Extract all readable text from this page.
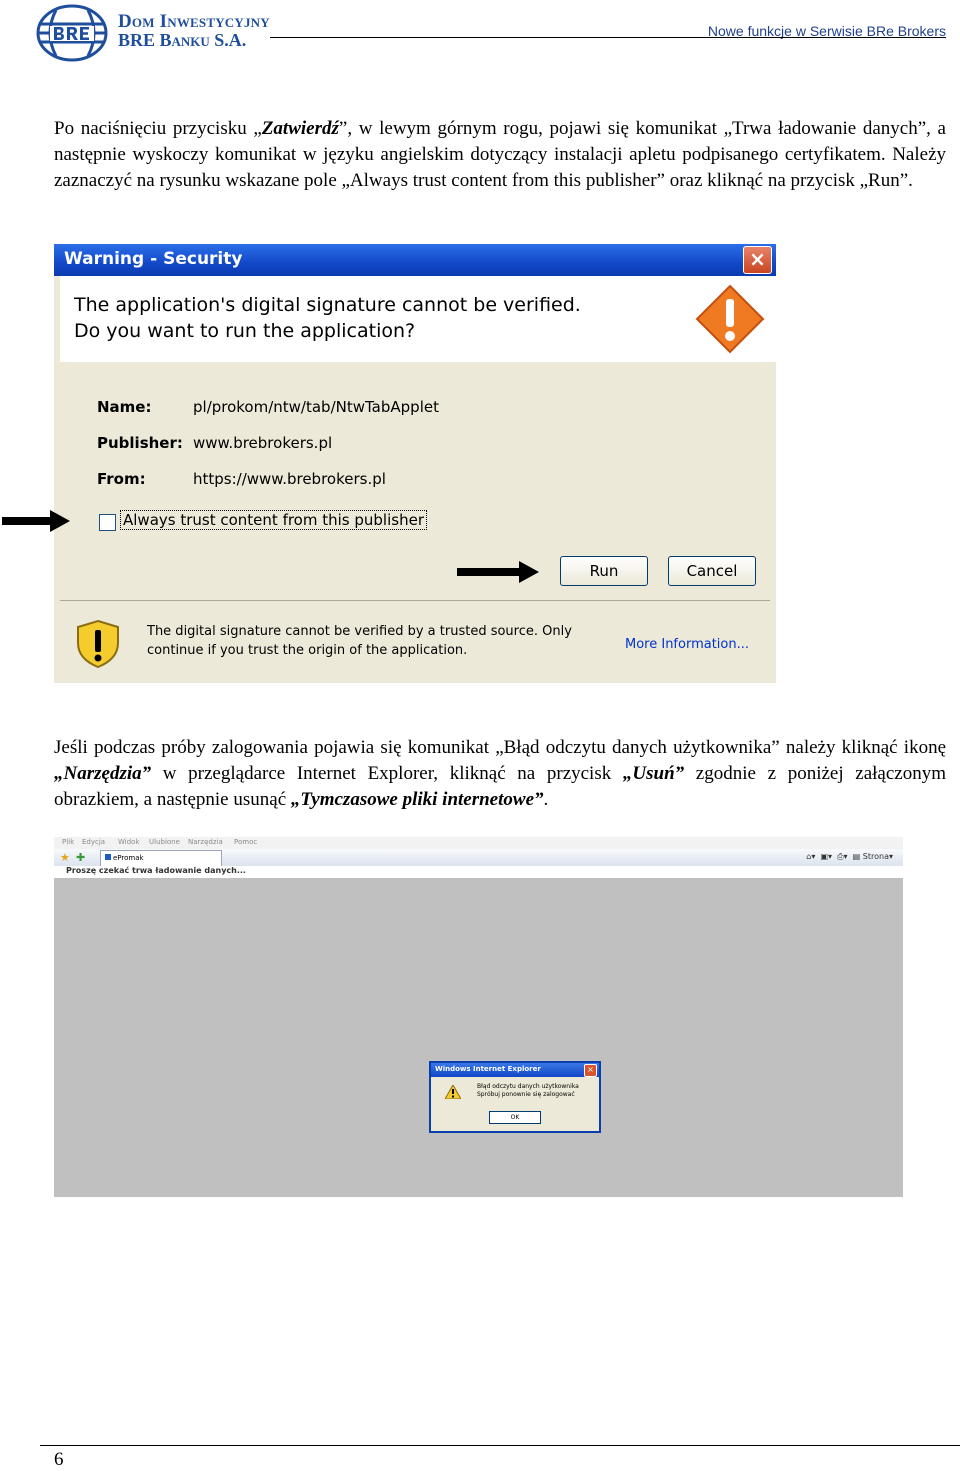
Dom Inwestycyjny
BRE Banku S.A.	Nowe funkcje w Serwisie BRe Brokers
Po naciśnięciu przycisku „Zatwierdź”, w lewym górnym rogu, pojawi się komunikat „Trwa ładowanie danych”, a następnie wyskoczy komunikat w języku angielskim dotyczący instalacji apletu podpisanego certyfikatem. Należy zaznaczyć na rysunku wskazane pole „Always trust content from this publisher” oraz kliknąć na przycisk „Run”.
Warning - Security	×
The application's digital signature cannot be verified.
Do you want to run the application?
Name:	pl/prokom/ntw/tab/NtwTabApplet
Publisher: www.brebrokers.pl
From:	https://www.brebrokers.pl
Always trust content from this publisher
Run	Cancel
The digital signature cannot be verified by a trusted source. Only
continue if you trust the origin of the application.	More Information...
Jeśli podczas próby zalogowania pojawia się komunikat „Błąd odczytu danych użytkownika” należy kliknąć ikonę „Narzędzia” w przeglądarce Internet Explorer, kliknąć na przycisk „Usuń” zgodnie z poniżej załączonym obrazkiem, a następnie usunąć „Tymczasowe pliki internetowe”.
Plik Edycja Widok Ulubione Narzędzia Pomoc
★ ✚	ePromak	⌂▾ ▣▾ ⎙▾ ▤ Strona▾
Proszę czekać trwa ładowanie danych...
Windows Internet Explorer	×
Błąd odczytu danych użytkownika
Spróbuj ponownie się zalogować
OK
6
